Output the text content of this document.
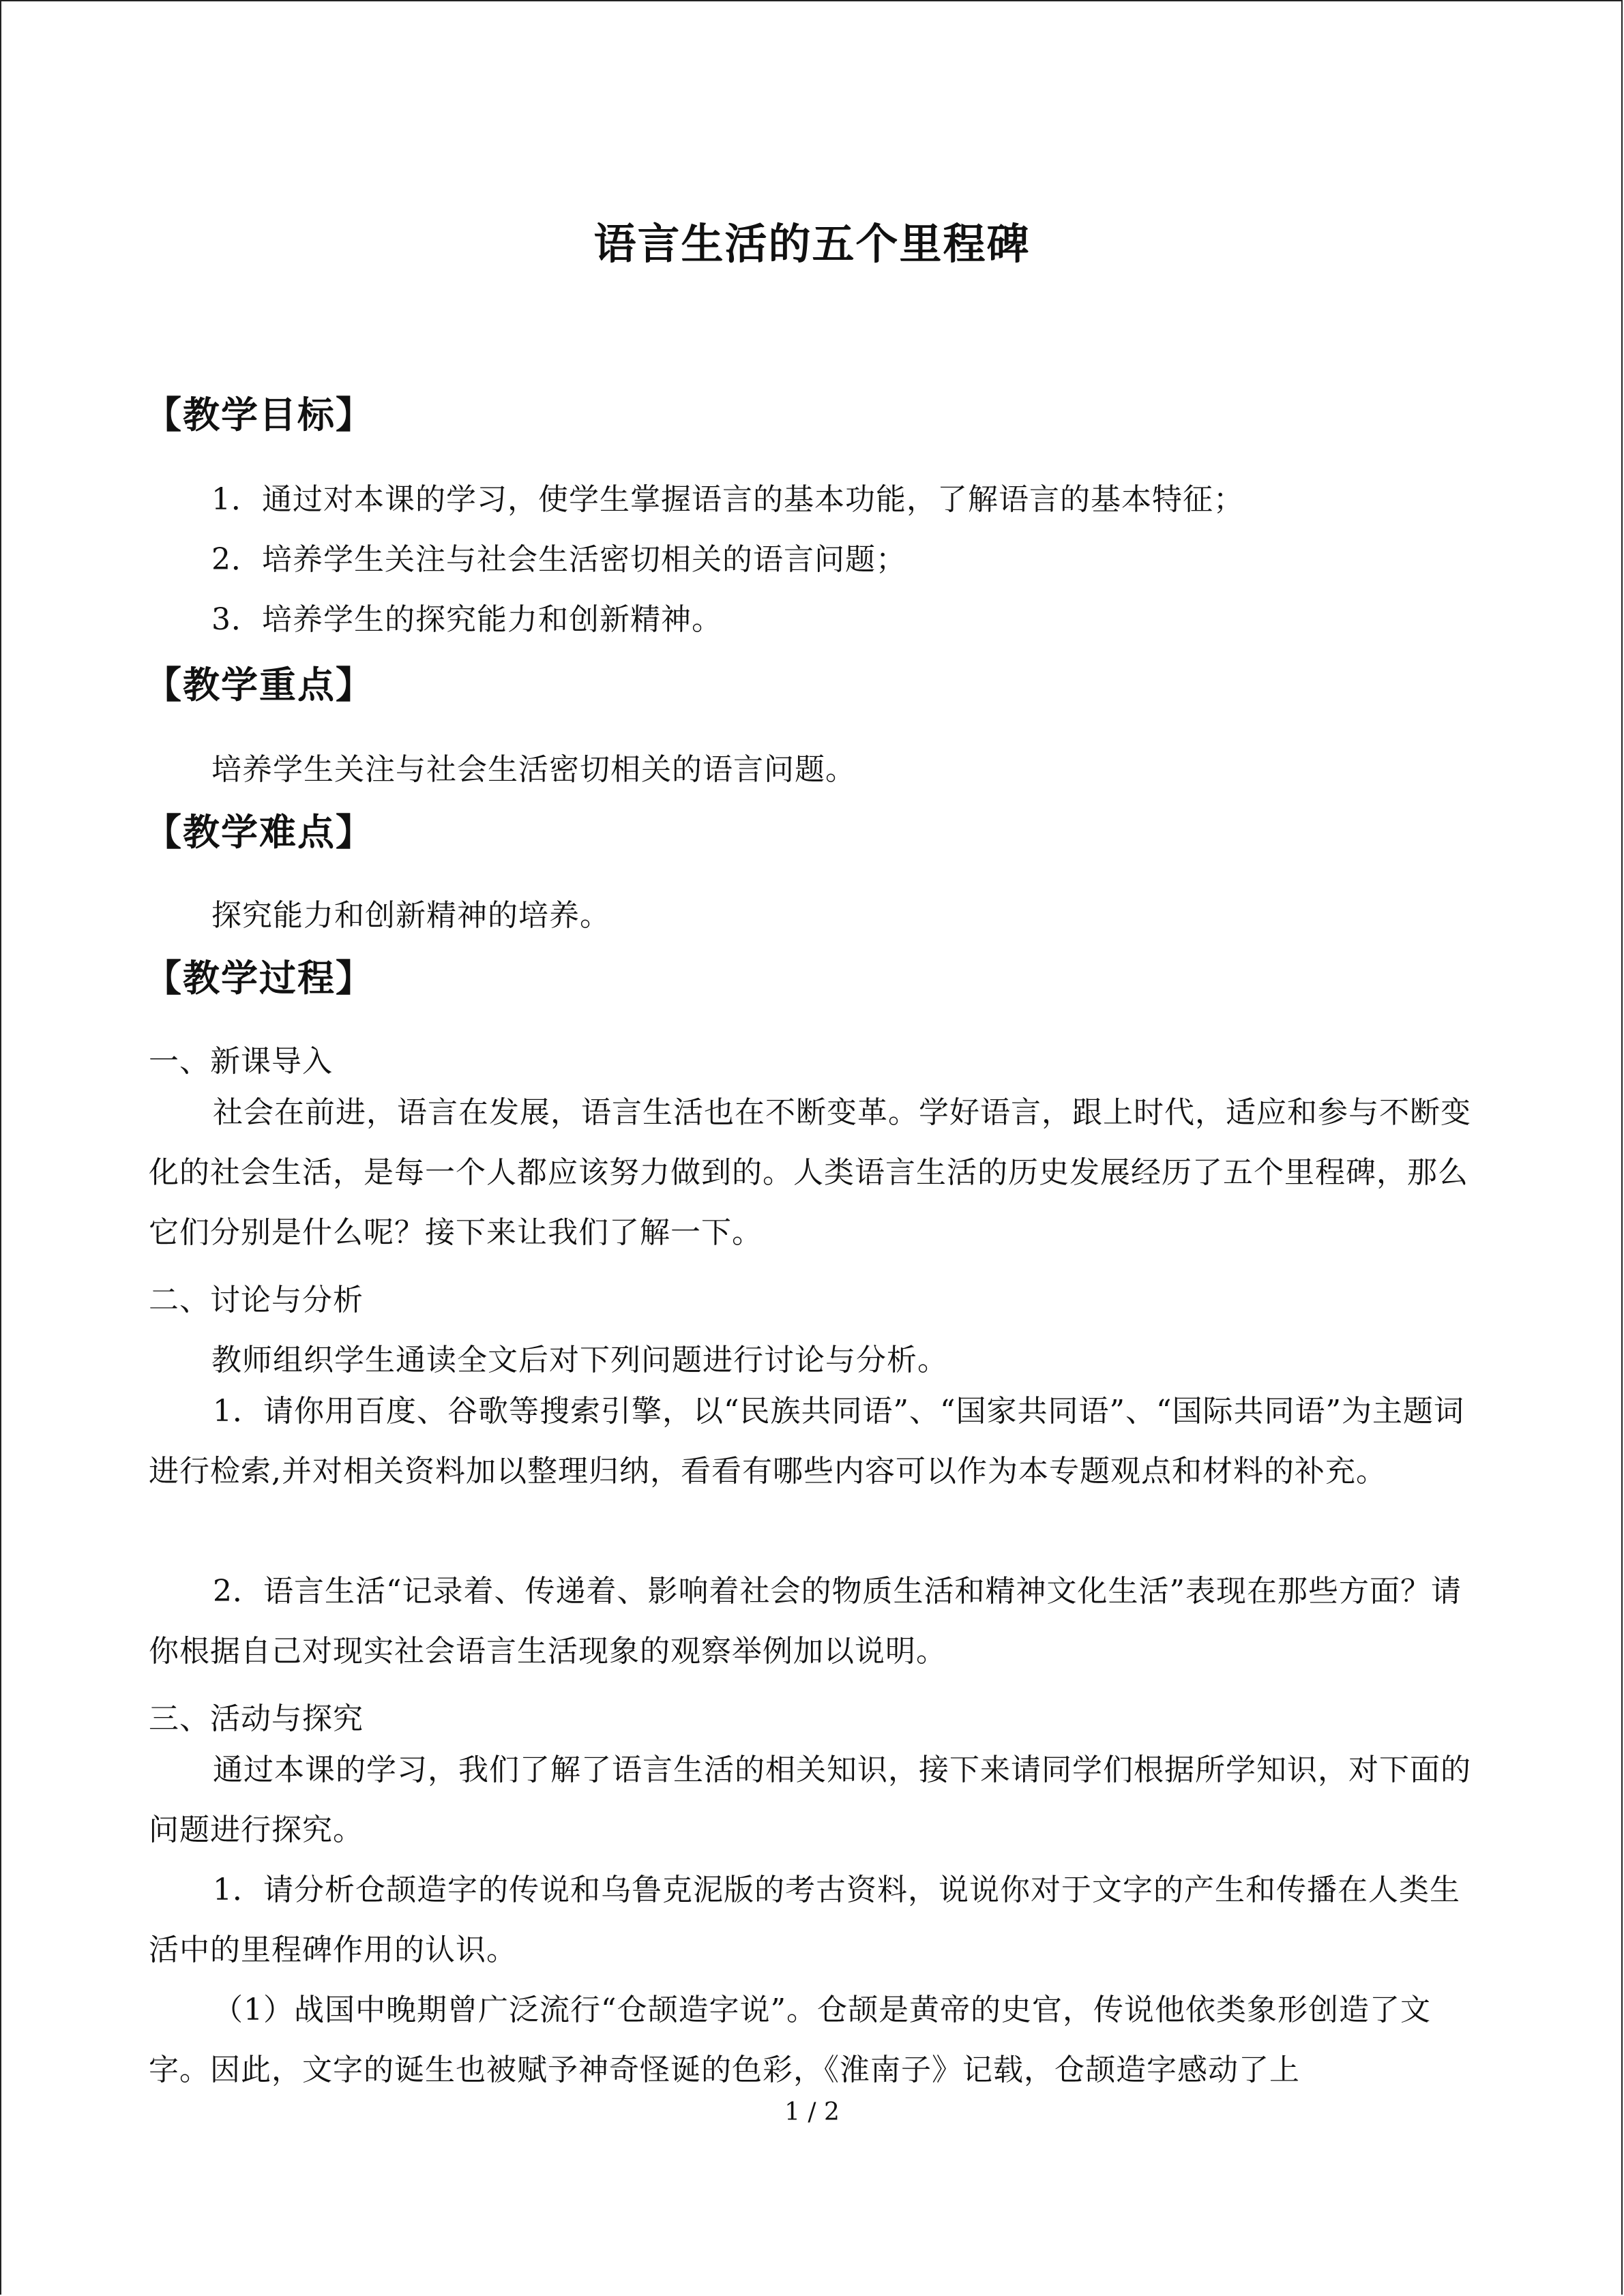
语言生活的五个里程碑
【教学目标】
1．通过对本课的学习，使学生掌握语言的基本功能，了解语言的基本特征；
2．培养学生关注与社会生活密切相关的语言问题；
3．培养学生的探究能力和创新精神。
【教学重点】
培养学生关注与社会生活密切相关的语言问题。
【教学难点】
探究能力和创新精神的培养。
【教学过程】
一、新课导入
社会在前进，语言在发展，语言生活也在不断变革。学好语言，跟上时代，适应和参与不断变化的社会生活，是每一个人都应该努力做到的。人类语言生活的历史发展经历了五个里程碑，那么它们分别是什么呢？接下来让我们了解一下。
二、讨论与分析
教师组织学生通读全文后对下列问题进行讨论与分析。
1．请你用百度、谷歌等搜索引擎，以“民族共同语”、“国家共同语”、“国际共同语”为主题词进行检索,并对相关资料加以整理归纳，看看有哪些内容可以作为本专题观点和材料的补充。
2．语言生活“记录着、传递着、影响着社会的物质生活和精神文化生活”表现在那些方面？请你根据自己对现实社会语言生活现象的观察举例加以说明。
三、活动与探究
通过本课的学习，我们了解了语言生活的相关知识，接下来请同学们根据所学知识，对下面的问题进行探究。
1．请分析仓颉造字的传说和乌鲁克泥版的考古资料，说说你对于文字的产生和传播在人类生活中的里程碑作用的认识。
（1）战国中晚期曾广泛流行“仓颉造字说”。仓颉是黄帝的史官，传说他依类象形创造了文字。因此，文字的诞生也被赋予神奇怪诞的色彩，《淮南子》记载，仓颉造字感动了上
1 / 2
